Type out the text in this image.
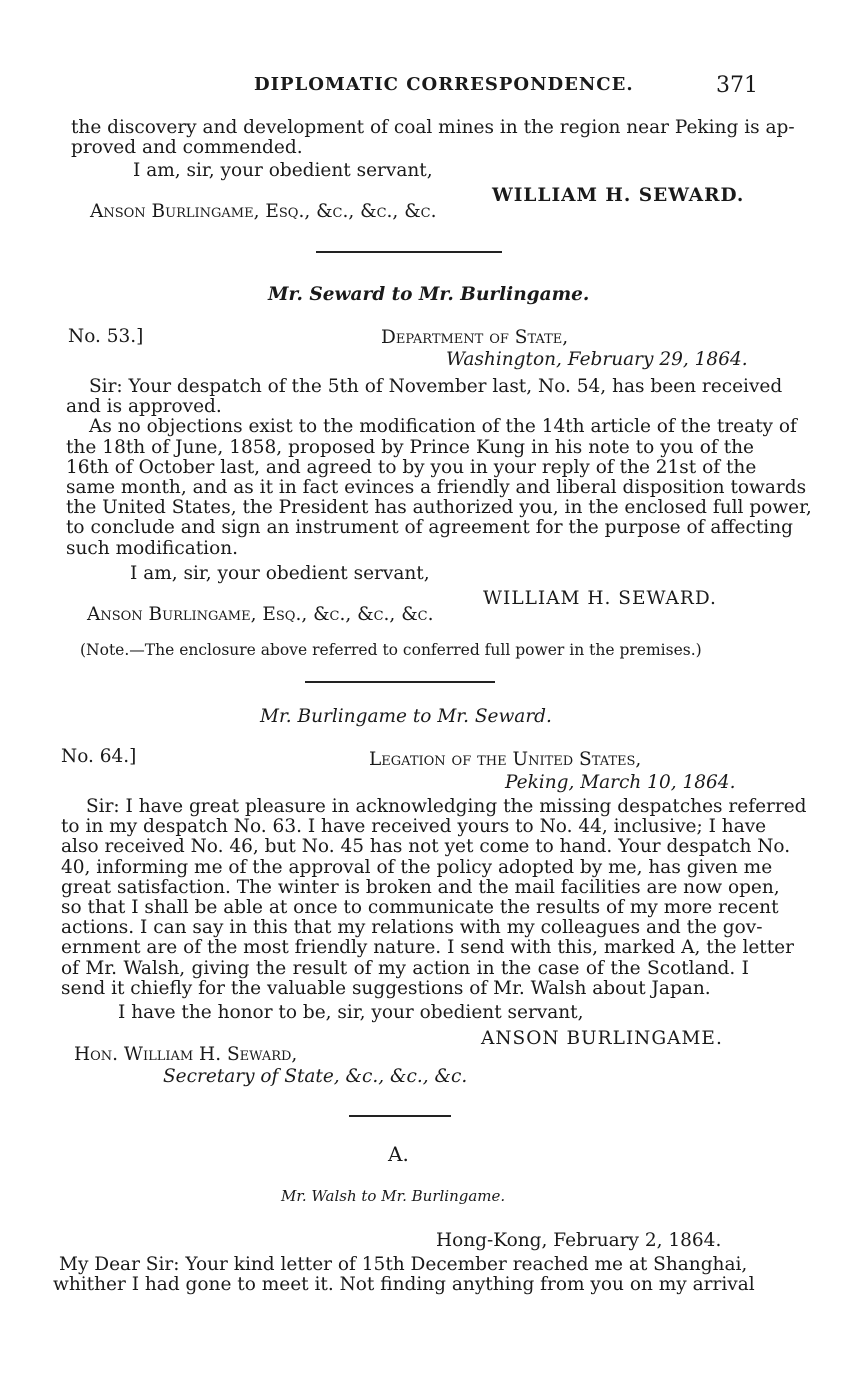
DIPLOMATIC CORRESPONDENCE.	371
the discovery and development of coal mines in the region near Peking is ap-
proved and commended.
I am, sir, your obedient servant,
WILLIAM H. SEWARD.
Anson Burlingame, Esq., &c., &c., &c.
Mr. Seward to Mr. Burlingame.
No. 53.]	Department of State,
Washington, February 29, 1864.
Sir: Your despatch of the 5th of November last, No. 54, has been received
and is approved.
As no objections exist to the modification of the 14th article of the treaty of
the 18th of June, 1858, proposed by Prince Kung in his note to you of the
16th of October last, and agreed to by you in your reply of the 21st of the
same month, and as it in fact evinces a friendly and liberal disposition towards
the United States, the President has authorized you, in the enclosed full power,
to conclude and sign an instrument of agreement for the purpose of affecting
such modification.
I am, sir, your obedient servant,
WILLIAM H. SEWARD.
Anson Burlingame, Esq., &c., &c., &c.
(Note.—The enclosure above referred to conferred full power in the premises.)
Mr. Burlingame to Mr. Seward.
No. 64.]	Legation of the United States,
Peking, March 10, 1864.
Sir: I have great pleasure in acknowledging the missing despatches referred
to in my despatch No. 63. I have received yours to No. 44, inclusive; I have
also received No. 46, but No. 45 has not yet come to hand. Your despatch No.
40, informing me of the approval of the policy adopted by me, has given me
great satisfaction. The winter is broken and the mail facilities are now open,
so that I shall be able at once to communicate the results of my more recent
actions. I can say in this that my relations with my colleagues and the gov-
ernment are of the most friendly nature. I send with this, marked A, the letter
of Mr. Walsh, giving the result of my action in the case of the Scotland. I
send it chiefly for the valuable suggestions of Mr. Walsh about Japan.
I have the honor to be, sir, your obedient servant,
ANSON BURLINGAME.
Hon. William H. Seward,
Secretary of State, &c., &c., &c.
A.
Mr. Walsh to Mr. Burlingame.
Hong-Kong, February 2, 1864.
My Dear Sir: Your kind letter of 15th December reached me at Shanghai,
whither I had gone to meet it. Not finding anything from you on my arrival
